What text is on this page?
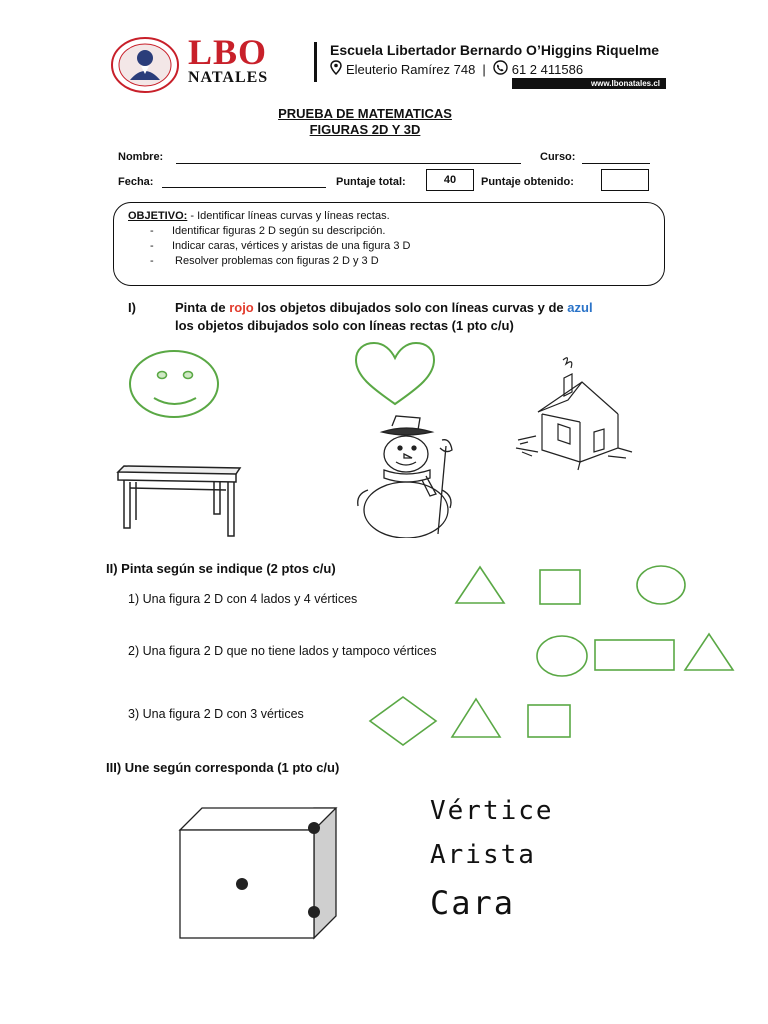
LBO
NATALES
Escuela Libertador Bernardo O’Higgins Riquelme
Eleuterio Ramírez 748 | 61 2 411586
www.lbonatales.cl
PRUEBA DE MATEMATICAS
FIGURAS 2D Y 3D
Nombre:	Curso:
Fecha:	Puntaje total:	40	Puntaje obtenido:
OBJETIVO: - Identificar líneas curvas y líneas rectas.
- Identificar figuras 2 D según su descripción.
- Indicar caras, vértices y aristas de una figura 3 D
- Resolver problemas con figuras 2 D y 3 D
I)	Pinta de rojo los objetos dibujados solo con líneas curvas y de azul
los objetos dibujados solo con líneas rectas (1 pto c/u)
II) Pinta según se indique (2 ptos c/u)
1) Una figura 2 D con 4 lados y 4 vértices
2) Una figura 2 D que no tiene lados y tampoco vértices
3) Una figura 2 D con 3 vértices
III) Une según corresponda (1 pto c/u)
Vértice
Arista
Cara
